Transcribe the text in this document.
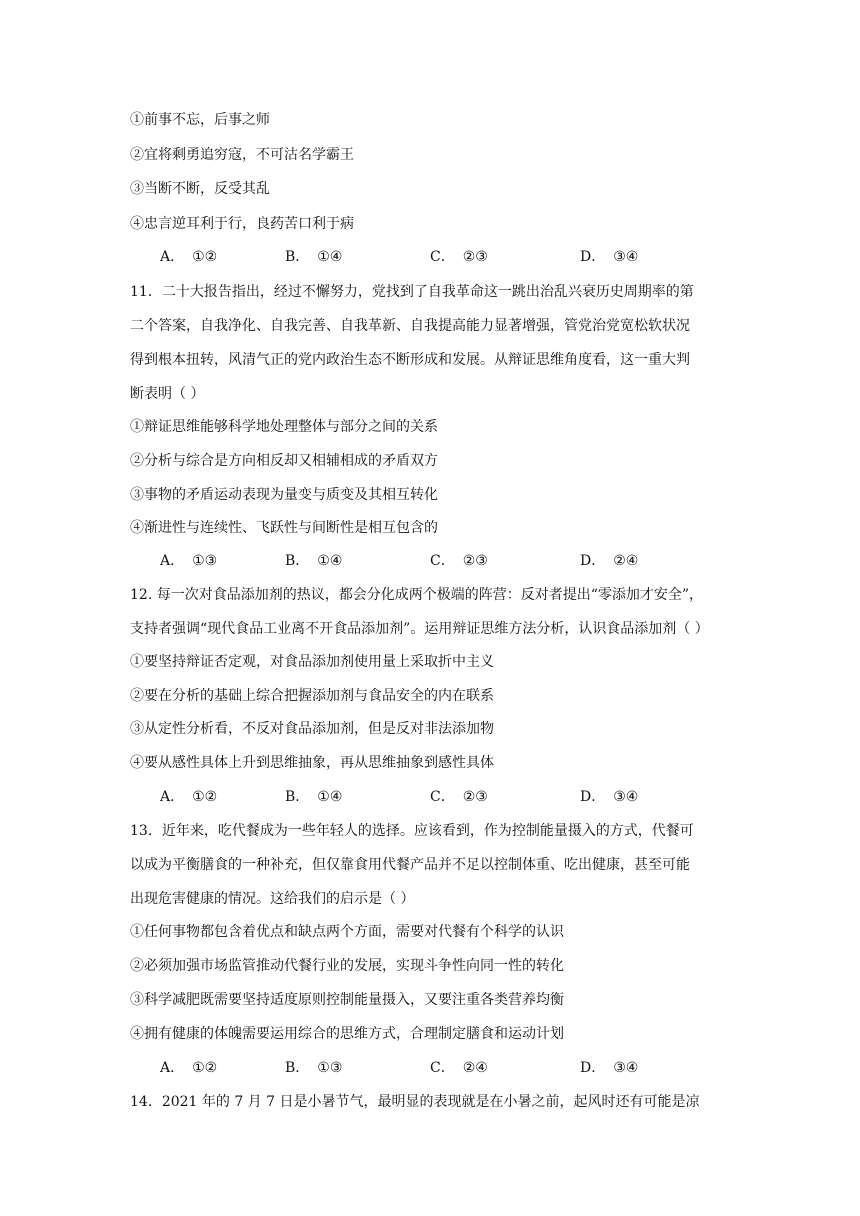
①前事不忘，后事之师
②宜将剩勇追穷寇，不可沽名学霸王
③当断不断，反受其乱
④忠言逆耳利于行，良药苦口利于病
A． ①②	B． ①④	C． ②③	D． ③④
11．二十大报告指出，经过不懈努力，党找到了自我革命这一跳出治乱兴衰历史周期率的第
二个答案，自我净化、自我完善、自我革新、自我提高能力显著增强，管党治党宽松软状况
得到根本扭转，风清气正的党内政治生态不断形成和发展。从辩证思维角度看，这一重大判
断表明（ ）
①辩证思维能够科学地处理整体与部分之间的关系
②分析与综合是方向相反却又相辅相成的矛盾双方
③事物的矛盾运动表现为量变与质变及其相互转化
④渐进性与连续性、飞跃性与间断性是相互包含的
A． ①③	B． ①④	C． ②③	D． ②④
12. 每一次对食品添加剂的热议，都会分化成两个极端的阵营：反对者提出“零添加才安全”，
支持者强调“现代食品工业离不开食品添加剂”。运用辩证思维方法分析，认识食品添加剂（ ）
①要坚持辩证否定观，对食品添加剂使用量上采取折中主义
②要在分析的基础上综合把握添加剂与食品安全的内在联系
③从定性分析看，不反对食品添加剂，但是反对非法添加物
④要从感性具体上升到思维抽象，再从思维抽象到感性具体
A． ①②	B． ①④	C． ②③	D． ③④
13．近年来，吃代餐成为一些年轻人的选择。应该看到，作为控制能量摄入的方式，代餐可
以成为平衡膳食的一种补充，但仅靠食用代餐产品并不足以控制体重、吃出健康，甚至可能
出现危害健康的情况。这给我们的启示是（ ）
①任何事物都包含着优点和缺点两个方面，需要对代餐有个科学的认识
②必须加强市场监管推动代餐行业的发展，实现斗争性向同一性的转化
③科学减肥既需要坚持适度原则控制能量摄入，又要注重各类营养均衡
④拥有健康的体魄需要运用综合的思维方式，合理制定膳食和运动计划
A． ①②	B． ①③	C． ②④	D． ③④
14．2021 年的 7 月 7 日是小暑节气，最明显的表现就是在小暑之前，起风时还有可能是凉
